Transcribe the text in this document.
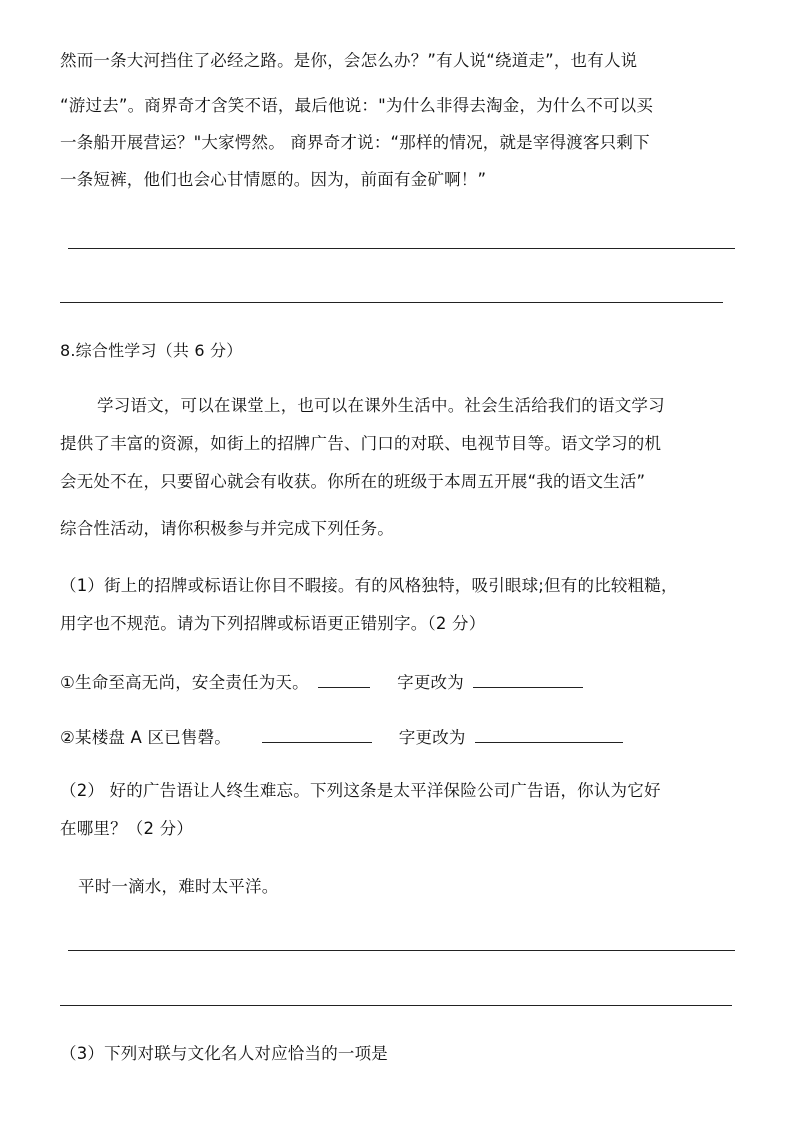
然而一条大河挡住了必经之路。是你，会怎么办？”有人说“绕道走”，也有人说
“游过去”。商界奇才含笑不语，最后他说："为什么非得去淘金，为什么不可以买
一条船开展营运？"大家愕然。 商界奇才说：“那样的情况，就是宰得渡客只剩下
一条短裤，他们也会心甘情愿的。因为，前面有金矿啊！”
8.综合性学习（共 6 分）
学习语文，可以在课堂上，也可以在课外生活中。社会生活给我们的语文学习
提供了丰富的资源，如街上的招牌广告、门口的对联、电视节目等。语文学习的机
会无处不在，只要留心就会有收获。你所在的班级于本周五开展“我的语文生活”
综合性活动，请你积极参与并完成下列任务。
（1）街上的招牌或标语让你目不暇接。有的风格独特，吸引眼球;但有的比较粗糙，
用字也不规范。请为下列招牌或标语更正错别字。（2 分）
①生命至高无尚，安全责任为天。	字更改为
②某楼盘 A 区已售磬。	字更改为
（2） 好的广告语让人终生难忘。下列这条是太平洋保险公司广告语，你认为它好
在哪里？（2 分）
平时一滴水，难时太平洋。
（3）下列对联与文化名人对应恰当的一项是
